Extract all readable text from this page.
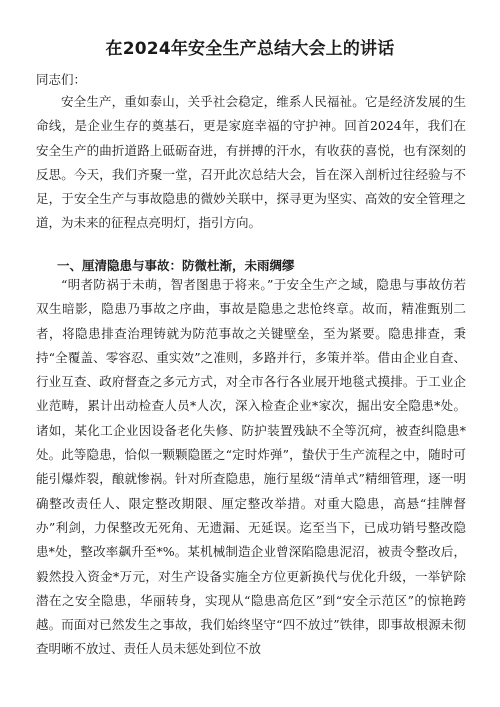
在2024年安全生产总结大会上的讲话
同志们：
安全生产，重如泰山，关乎社会稳定，维系人民福祉。它是经济发展的生命线，是企业生存的奠基石，更是家庭幸福的守护神。回首2024年，我们在安全生产的曲折道路上砥砺奋进，有拼搏的汗水，有收获的喜悦，也有深刻的反思。今天，我们齐聚一堂，召开此次总结大会，旨在深入剖析过往经验与不足，于安全生产与事故隐患的微妙关联中，探寻更为坚实、高效的安全管理之道，为未来的征程点亮明灯，指引方向。
一、厘清隐患与事故：防微杜渐，未雨绸缪
“明者防祸于未萌，智者图患于将来。”于安全生产之域，隐患与事故仿若双生暗影，隐患乃事故之序曲，事故是隐患之悲怆终章。故而，精准甄别二者，将隐患排查治理铸就为防范事故之关键壁垒，至为紧要。隐患排查，秉持“全覆盖、零容忍、重实效”之准则，多路并行，多策并举。借由企业自查、行业互查、政府督查之多元方式，对全市各行各业展开地毯式摸排。于工业企业范畴，累计出动检查人员*人次，深入检查企业*家次，掘出安全隐患*处。诸如，某化工企业因设备老化失修、防护装置残缺不全等沉疴，被查纠隐患*处。此等隐患，恰似一颗颗隐匿之“定时炸弹”，蛰伏于生产流程之中，随时可能引爆炸裂，酿就惨祸。针对所查隐患，施行星级“清单式”精细管理，逐一明确整改责任人、限定整改期限、厘定整改举措。对重大隐患，高悬“挂牌督办”利剑，力保整改无死角、无遗漏、无延误。迄至当下，已成功销号整改隐患*处，整改率飙升至*%。某机械制造企业曾深陷隐患泥沼，被责令整改后，毅然投入资金*万元，对生产设备实施全方位更新换代与优化升级，一举铲除潜在之安全隐患，华丽转身，实现从“隐患高危区”到“安全示范区”的惊艳跨越。而面对已然发生之事故，我们始终坚守“四不放过”铁律，即事故根源未彻查明晰不放过、责任人员未惩处到位不放
